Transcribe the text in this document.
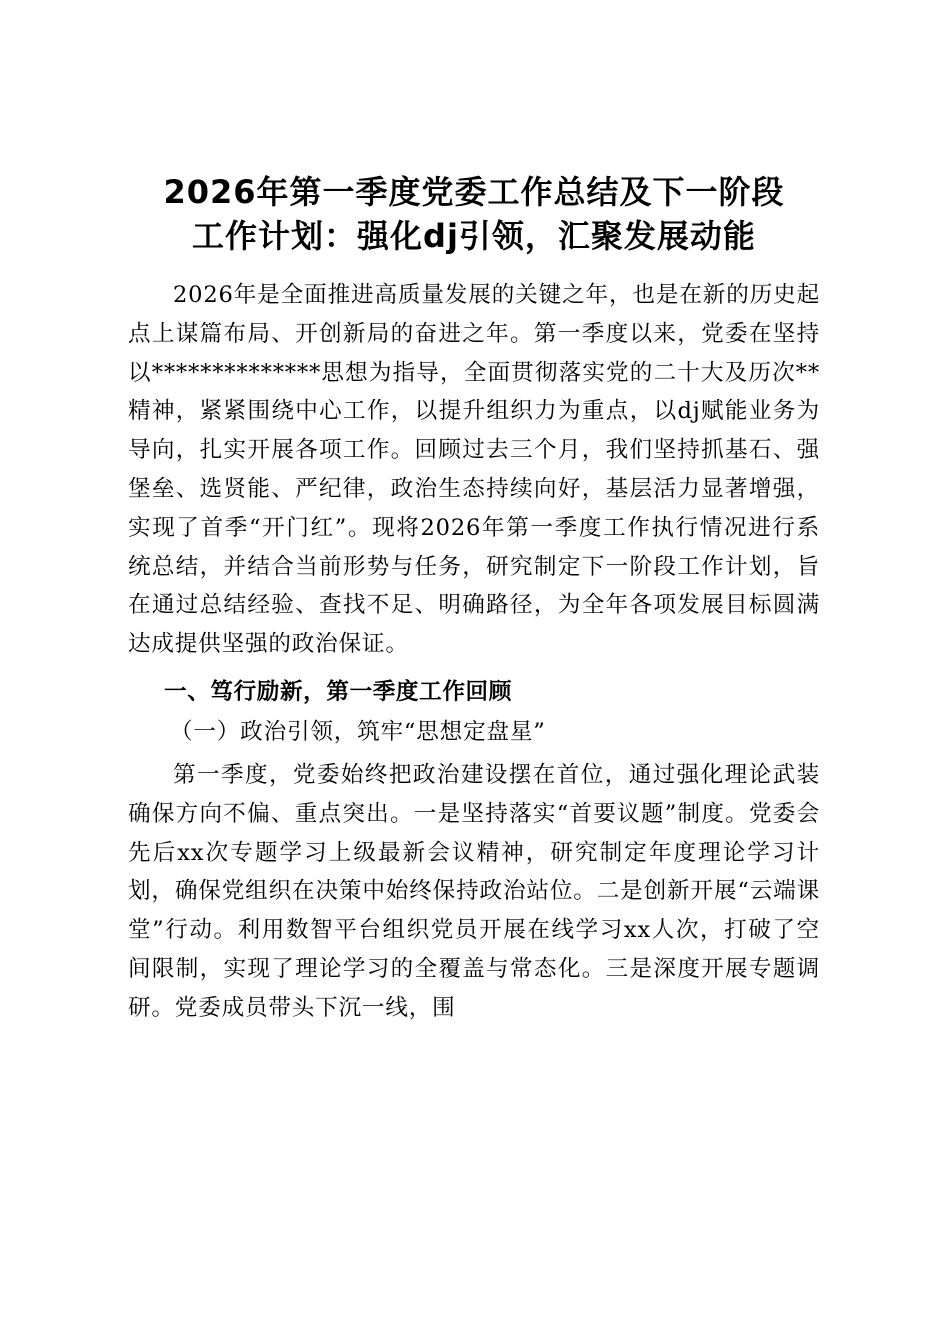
2026年第一季度党委工作总结及下一阶段

工作计划：强化dj引领，汇聚发展动能

2026年是全面推进高质量发展的关键之年，也是在新的历史起点上谋篇布局、开创新局的奋进之年。第一季度以来，党委在坚持以**************思想为指导，全面贯彻落实党的二十大及历次**精神，紧紧围绕中心工作，以提升组织力为重点，以dj赋能业务为导向，扎实开展各项工作。回顾过去三个月，我们坚持抓基石、强堡垒、选贤能、严纪律，政治生态持续向好，基层活力显著增强，实现了首季“开门红”。现将2026年第一季度工作执行情况进行系统总结，并结合当前形势与任务，研究制定下一阶段工作计划，旨在通过总结经验、查找不足、明确路径，为全年各项发展目标圆满达成提供坚强的政治保证。

一、笃行励新，第一季度工作回顾

（一）政治引领，筑牢“思想定盘星”

第一季度，党委始终把政治建设摆在首位，通过强化理论武装确保方向不偏、重点突出。一是坚持落实“首要议题”制度。党委会先后xx次专题学习上级最新会议精神，研究制定年度理论学习计划，确保党组织在决策中始终保持政治站位。二是创新开展“云端课堂”行动。利用数智平台组织党员开展在线学习xx人次，打破了空间限制，实现了理论学习的全覆盖与常态化。三是深度开展专题调研。党委成员带头下沉一线，围
